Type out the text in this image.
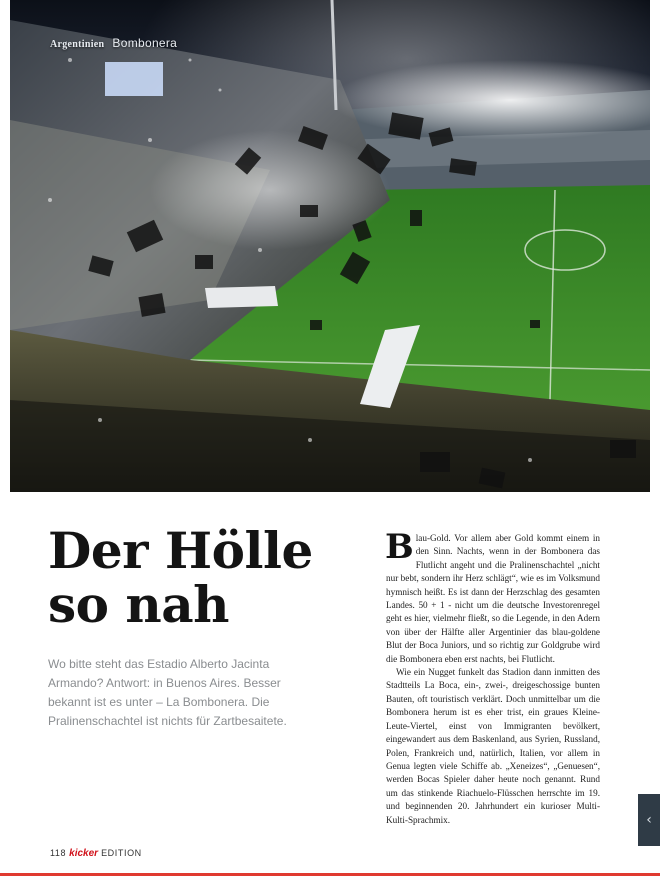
Argentinien Bombonera
Der Hölle
so nah

Wo bitte steht das Estadio Alberto Jacinta Armando? Antwort: in Buenos Aires. Besser bekannt ist es unter – La Bombonera. Die Pralinenschachtel ist nichts für Zartbesaitete.

Blau-Gold. Vor allem aber Gold kommt einem in den Sinn. Nachts, wenn in der Bombonera das Flutlicht angeht und die Pralinenschachtel „nicht nur bebt, sondern ihr Herz schlägt“, wie es im Volksmund hymnisch heißt. Es ist dann der Herzschlag des gesamten Landes. 50 + 1 - nicht um die deutsche Investorenregel geht es hier, vielmehr fließt, so die Legende, in den Adern von über der Hälfte aller Argentinier das blau-goldene Blut der Boca Juniors, und so richtig zur Goldgrube wird die Bombonera eben erst nachts, bei Flutlicht.

Wie ein Nugget funkelt das Stadion dann inmitten des Stadtteils La Boca, ein-, zwei-, dreigeschossige bunten Bauten, oft touristisch verklärt. Doch unmittelbar um die Bombonera herum ist es eher trist, ein graues Kleine-Leute-Viertel, einst von Immigranten bevölkert, eingewandert aus dem Baskenland, aus Syrien, Russland, Polen, Frankreich und, natürlich, Italien, vor allem in Genua legten viele Schiffe ab. „Xeneizes“, „Genuesen“, werden Bocas Spieler daher heute noch genannt. Rund um das stinkende Riachuelo-Flüsschen herrschte im 19. und beginnenden 20. Jahrhundert ein kurioser Multi-Kulti-Sprachmix.

118 kicker EDITION
‹
